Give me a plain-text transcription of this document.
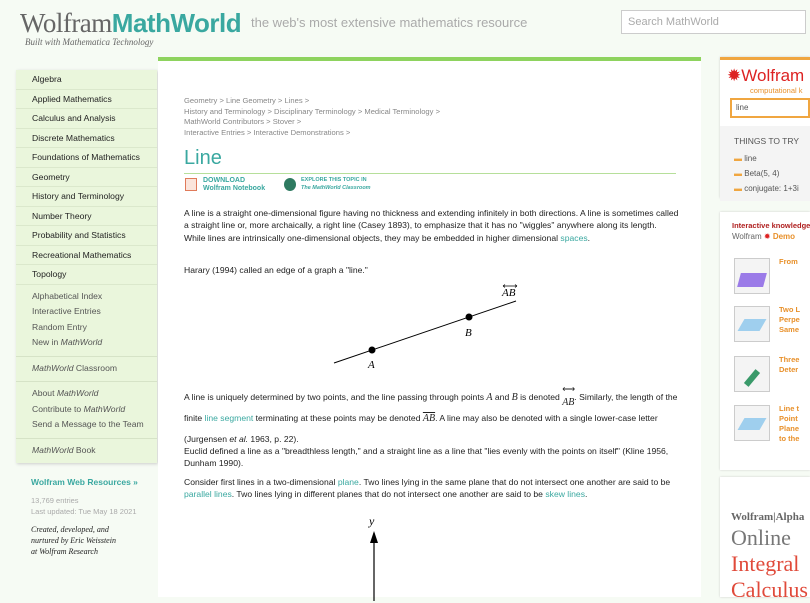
WolframMathWorld
Built with Mathematica Technology
the web's most extensive mathematics resource	Search MathWorld
Algebra
Applied Mathematics
Calculus and Analysis
Discrete Mathematics
Foundations of Mathematics
Geometry
History and Terminology
Number Theory
Probability and Statistics
Recreational Mathematics
Topology
Alphabetical Index
Interactive Entries
Random Entry
New in MathWorld
MathWorld Classroom
About MathWorld
Contribute to MathWorld
Send a Message to the Team
MathWorld Book
Wolfram Web Resources »
13,769 entries
Last updated: Tue May 18 2021
Created, developed, and
nurtured by Eric Weisstein
at Wolfram Research
Geometry > Line Geometry > Lines >
History and Terminology > Disciplinary Terminology > Medical Terminology >
MathWorld Contributors > Stover >
Interactive Entries > Interactive Demonstrations >
Line
DOWNLOAD
Wolfram Notebook
EXPLORE THIS TOPIC IN
The MathWorld Classroom
A line is a straight one-dimensional figure having no thickness and extending infinitely in both directions. A line is sometimes called a straight line or, more archaically, a right line (Casey 1893), to emphasize that it has no "wiggles" anywhere along its length. While lines are intrinsically one-dimensional objects, they may be embedded in higher dimensional spaces.
Harary (1994) called an edge of a graph a "line."
A
B
AB
A line is uniquely determined by two points, and the line passing through points A and B is denoted
⟷
AB. Similarly, the length of the finite line segment terminating at these points may be denoted $\overline{AB}$. A line may also be denoted with a single lower-case letter (Jurgensen et al. 1963, p. 22).
Euclid defined a line as a "breadthless length," and a straight line as a line that "lies evenly with the points on itself" (Kline 1956, Dunham 1990).
Consider first lines in a two-dimensional plane. Two lines lying in the same plane that do not intersect one another are said to be parallel lines. Two lines lying in different planes that do not intersect one another are said to be skew lines.
y
✹Wolfram
computational k
line
THINGS TO TRY
▬ line
▬ Beta(5, 4)
▬ conjugate: 1+3i
Interactive knowledge
Wolfram ✹ Demo
From
Two L
Perpe
Same
Three
Deter
Line t
Point
Plane
to the
Wolfram|Alpha
Online
Integral
Calculus
